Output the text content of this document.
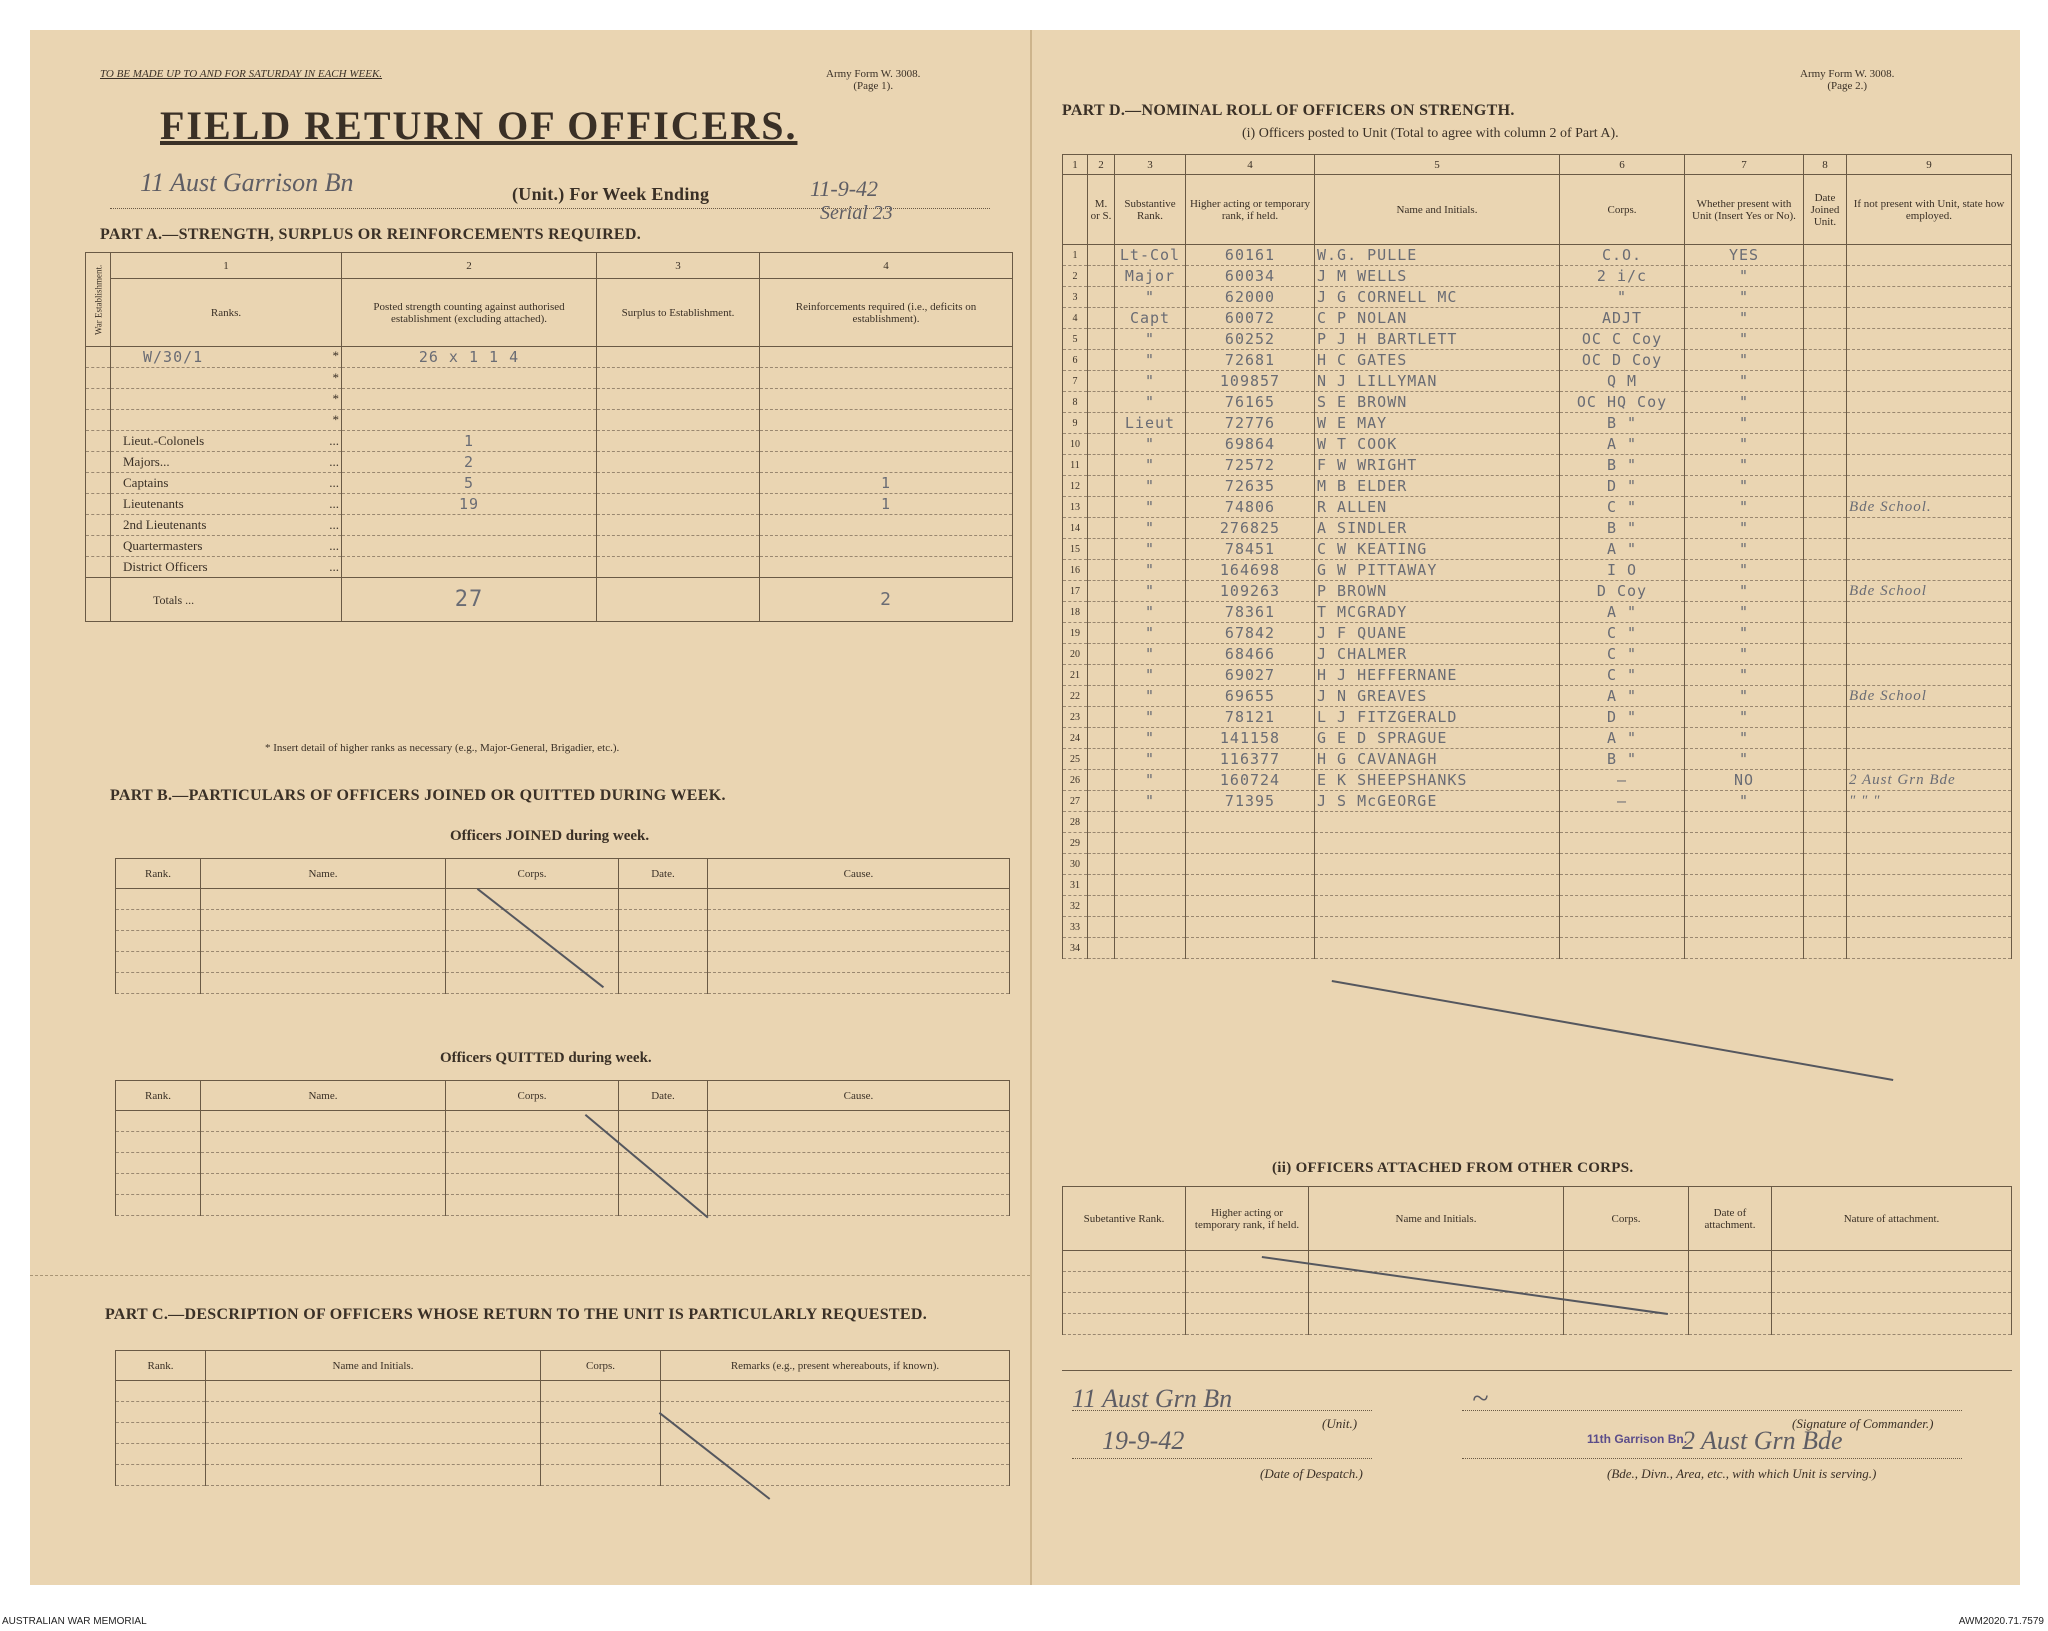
TO BE MADE UP TO AND FOR SATURDAY IN EACH WEEK.	Army Form W. 3008.
(Page 1).
FIELD RETURN OF OFFICERS.
11 Aust Garrison Bn	(Unit.) For Week Ending	11-9-42
Serial 23
PART A.—STRENGTH, SURPLUS OR REINFORCEMENTS REQUIRED.
War Establishment.	1	2	3	4
	Ranks.	Posted strength counting against authorised establishment (excluding attached).	Surplus to Establishment.	Reinforcements required (i.e., deficits on establishment).
	W/30/1 *	26 x 1 1 4		

	*			

	*			

	*			

	Lieut.-Colonels ...	1		
	Majors... ...	2		
	Captains ...	5		1
	Lieutenants ...	19		1
	2nd Lieutenants ...			

	Quartermasters ...			

	District Officers ...			

	Totals ...	27		2
* Insert detail of higher ranks as necessary (e.g., Major-General, Brigadier, etc.).
PART B.—PARTICULARS OF OFFICERS JOINED OR QUITTED DURING WEEK.
Officers JOINED during week.
Rank.	Name.	Corps.	Date.	Cause.

Officers QUITTED during week.
Rank.	Name.	Corps.	Date.	Cause.

PART C.—DESCRIPTION OF OFFICERS WHOSE RETURN TO THE UNIT IS PARTICULARLY REQUESTED.
Rank.	Name and Initials.	Corps.	Remarks (e.g., present whereabouts, if known).

Army Form W. 3008.
(Page 2.)
PART D.—NOMINAL ROLL OF OFFICERS ON STRENGTH.
(i) Officers posted to Unit (Total to agree with column 2 of Part A).
1	2	3	4	5	6	7	8	9
	M. or S.	Substantive Rank.	Higher acting or temporary rank, if held.	Name and Initials.	Corps.	Whether present with Unit (Insert Yes or No).	Date Joined Unit.	If not present with Unit, state how employed.
1		Lt-Col	60161	W.G. PULLE	C.O.	YES		
2		Major	60034	J M WELLS	2 i/c	"		
3		"	62000	J G CORNELL MC	"	"		
4		Capt	60072	C P NOLAN	ADJT	"		
5		"	60252	P J H BARTLETT	OC C Coy	"		
6		"	72681	H C GATES	OC D Coy	"		
7		"	109857	N J LILLYMAN	Q M	"		
8		"	76165	S E BROWN	OC HQ Coy	"		
9		Lieut	72776	W E MAY	B "	"		
10		"	69864	W T COOK	A "	"		
11		"	72572	F W WRIGHT	B "	"		
12		"	72635	M B ELDER	D "	"		
13		"	74806	R ALLEN	C "	"		Bde School.
14		"	276825	A SINDLER	B "	"		
15		"	78451	C W KEATING	A "	"		
16		"	164698	G W PITTAWAY	I O	"		
17		"	109263	P BROWN	D Coy	"		Bde School
18		"	78361	T MCGRADY	A "	"		
19		"	67842	J F QUANE	C "	"		
20		"	68466	J CHALMER	C "	"		
21		"	69027	H J HEFFERNANE	C "	"		
22		"	69655	J N GREAVES	A "	"		Bde School
23		"	78121	L J FITZGERALD	D "	"		
24		"	141158	G E D SPRAGUE	A "	"		
25		"	116377	H G CAVANAGH	B "	"		
26		"	160724	E K SHEEPSHANKS	—	NO		2 Aust Grn Bde
27		"	71395	J S McGEORGE	—	"		" " "
28								
29								
30								
31								
32								
33								
34								
(ii) OFFICERS ATTACHED FROM OTHER CORPS.
Subetantive Rank.	Higher acting or temporary rank, if held.	Name and Initials.	Corps.	Date of attachment.	Nature of attachment.

11 Aust Grn Bn
(Unit.)
~
(Signature of Commander.)
11th Garrison Bn.
19-9-42
(Date of Despatch.)
2 Aust Grn Bde
(Bde., Divn., Area, etc., with which Unit is serving.)
AUSTRALIAN WAR MEMORIAL	AWM2020.71.7579
